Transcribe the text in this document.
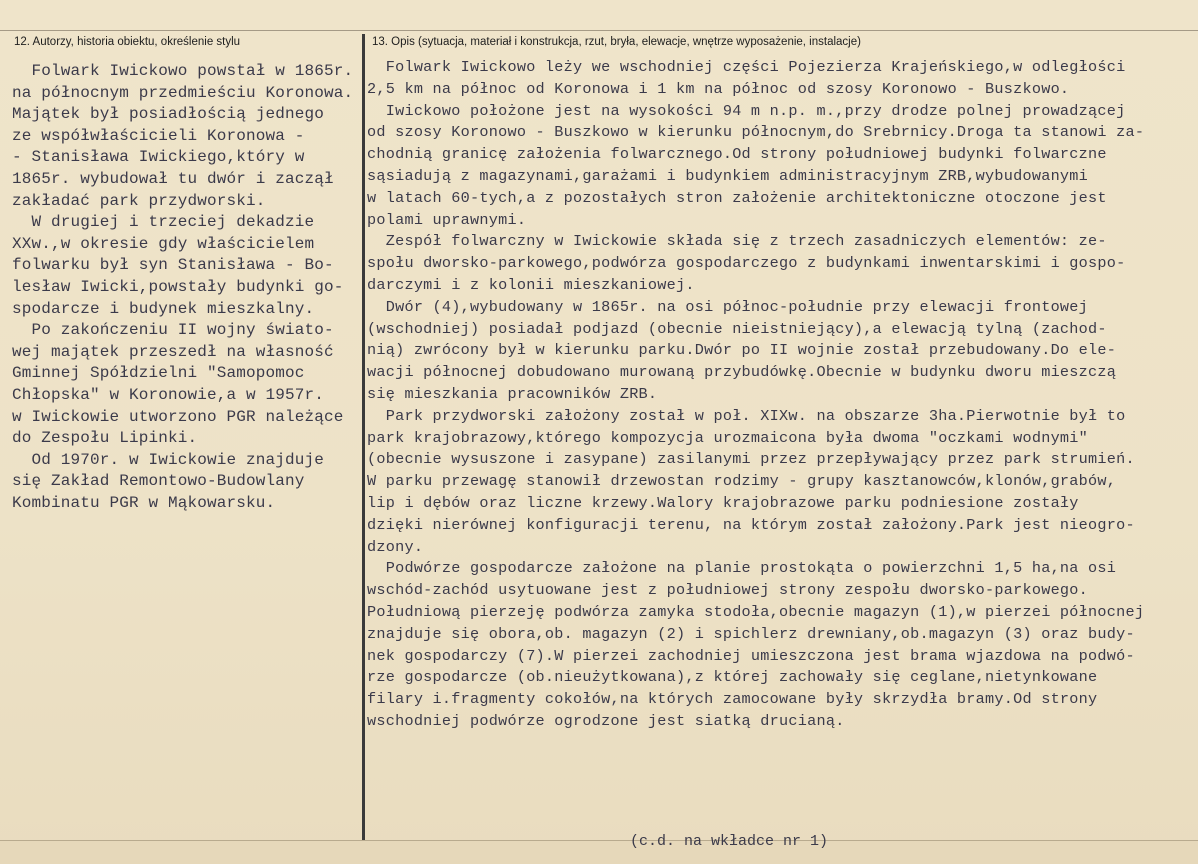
12. Autorzy, historia obiektu, określenie stylu	13. Opis (sytuacja, materiał i konstrukcja, rzut, bryła, elewacje, wnętrze wyposażenie, instalacje)
Folwark Iwickowo powstał w 1865r.
na północnym przedmieściu Koronowa.
Majątek był posiadłością jednego
ze współwłaścicieli Koronowa -
- Stanisława Iwickiego,który w
1865r. wybudował tu dwór i zaczął
zakładać park przydworski.
W drugiej i trzeciej dekadzie
XXw.,w okresie gdy właścicielem
folwarku był syn Stanisława - Bo-
lesław Iwicki,powstały budynki go-
spodarcze i budynek mieszkalny.
Po zakończeniu II wojny świato-
wej majątek przeszedł na własność
Gminnej Spółdzielni "Samopomoc
Chłopska" w Koronowie,a w 1957r.
w Iwickowie utworzono PGR należące
do Zespołu Lipinki.
Od 1970r. w Iwickowie znajduje
się Zakład Remontowo-Budowlany
Kombinatu PGR w Mąkowarsku.
Folwark Iwickowo leży we wschodniej części Pojezierza Krajeńskiego,w odległości
2,5 km na północ od Koronowa i 1 km na północ od szosy Koronowo - Buszkowo.
Iwickowo położone jest na wysokości 94 m n.p. m.,przy drodze polnej prowadzącej
od szosy Koronowo - Buszkowo w kierunku północnym,do Srebrnicy.Droga ta stanowi za-
chodnią granicę założenia folwarcznego.Od strony południowej budynki folwarczne
sąsiadują z magazynami,garażami i budynkiem administracyjnym ZRB,wybudowanymi
w latach 60-tych,a z pozostałych stron założenie architektoniczne otoczone jest
polami uprawnymi.
Zespół folwarczny w Iwickowie składa się z trzech zasadniczych elementów: ze-
społu dworsko-parkowego,podwórza gospodarczego z budynkami inwentarskimi i gospo-
darczymi i z kolonii mieszkaniowej.
Dwór (4),wybudowany w 1865r. na osi północ-południe przy elewacji frontowej
(wschodniej) posiadał podjazd (obecnie nieistniejący),a elewacją tylną (zachod-
nią) zwrócony był w kierunku parku.Dwór po II wojnie został przebudowany.Do ele-
wacji północnej dobudowano murowaną przybudówkę.Obecnie w budynku dworu mieszczą
się mieszkania pracowników ZRB.
Park przydworski założony został w poł. XIXw. na obszarze 3ha.Pierwotnie był to
park krajobrazowy,którego kompozycja urozmaicona była dwoma "oczkami wodnymi"
(obecnie wysuszone i zasypane) zasilanymi przez przepływający przez park strumień.
W parku przewagę stanowił drzewostan rodzimy - grupy kasztanowców,klonów,grabów,
lip i dębów oraz liczne krzewy.Walory krajobrazowe parku podniesione zostały
dzięki nierównej konfiguracji terenu, na którym został założony.Park jest nieogro-
dzony.
Podwórze gospodarcze założone na planie prostokąta o powierzchni 1,5 ha,na osi
wschód-zachód usytuowane jest z południowej strony zespołu dworsko-parkowego.
Południową pierzeję podwórza zamyka stodoła,obecnie magazyn (1),w pierzei północnej
znajduje się obora,ob. magazyn (2) i spichlerz drewniany,ob.magazyn (3) oraz budy-
nek gospodarczy (7).W pierzei zachodniej umieszczona jest brama wjazdowa na podwó-
rze gospodarcze (ob.nieużytkowana),z której zachowały się ceglane,nietynkowane
filary i.fragmenty cokołów,na których zamocowane były skrzydła bramy.Od strony
wschodniej podwórze ogrodzone jest siatką drucianą.
(c.d. na wkładce nr 1)
